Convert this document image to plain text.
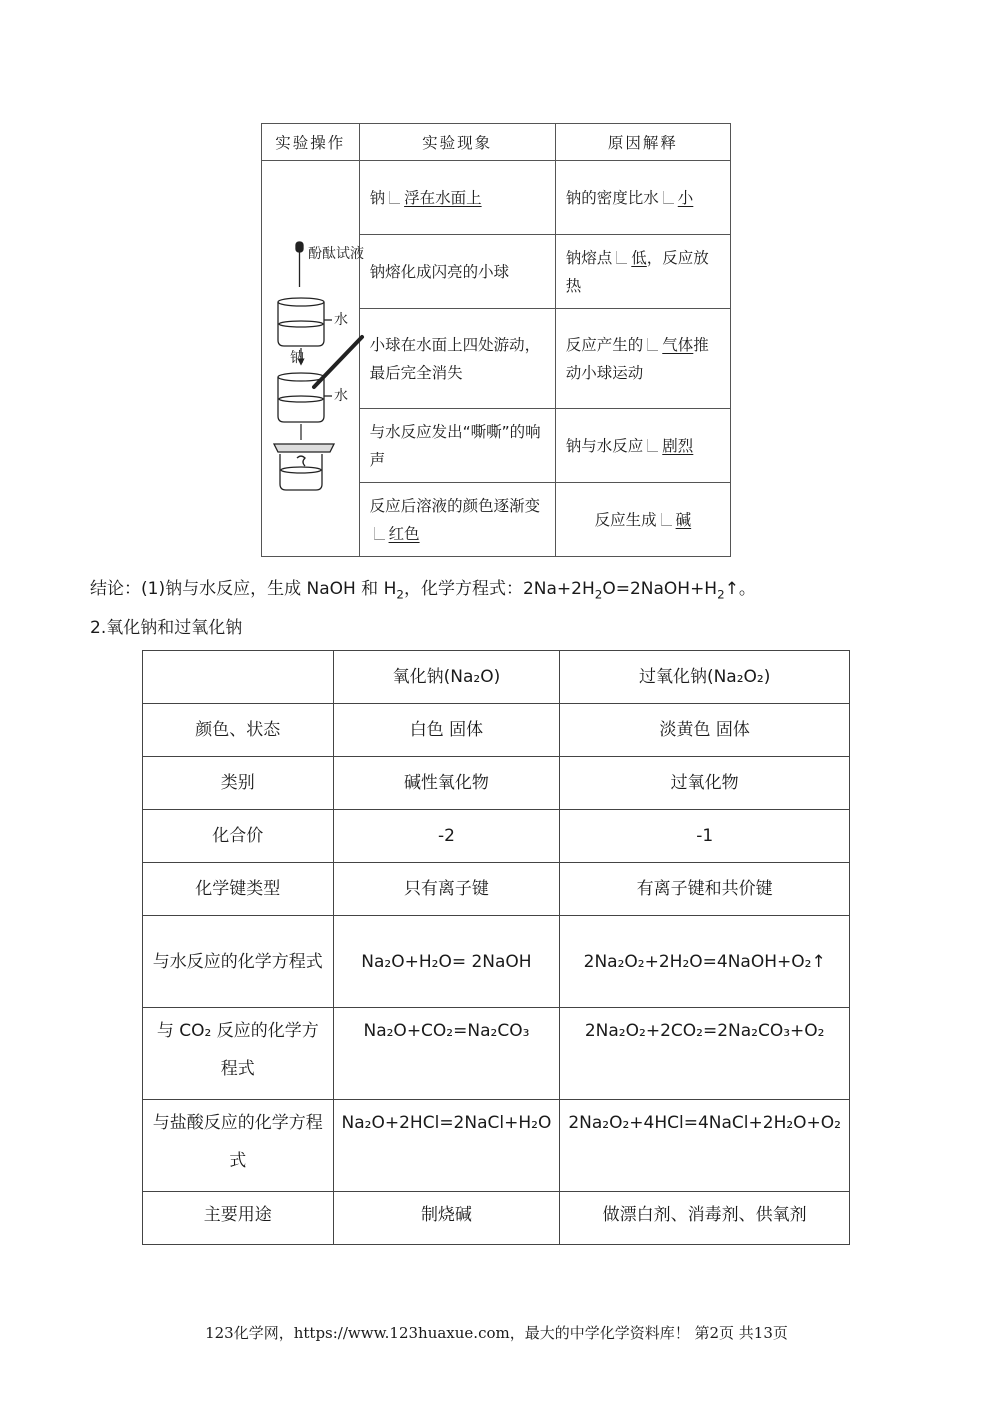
实验操作	实验现象	原因解释

酚酞试液
水
钠
水	钠 浮在水面上	钠的密度比水 小
	钠熔化成闪亮的小球	钠熔点 低，反应放热
	小球在水面上四处游动，最后完全消失	反应产生的 气体推动小球运动
	与水反应发出“嘶嘶”的响声	钠与水反应 剧烈
	反应后溶液的颜色逐渐变红色	反应生成 碱
结论：(1)钠与水反应，生成 NaOH 和 $H_2$，化学方程式：$2Na+2H_2O=2NaOH+H_2↑$。
2.氧化钠和过氧化钠
	氧化钠(Na₂O)	过氧化钠(Na₂O₂)
颜色、状态	白色 固体	淡黄色 固体
类别	碱性氧化物	过氧化物
化合价	-2	-1
化学键类型	只有离子键	有离子键和共价键
与水反应的化学方程式	Na₂O+H₂O= 2NaOH	2Na₂O₂+2H₂O=4NaOH+O₂↑
与 CO₂ 反应的化学方程式	Na₂O+CO₂=Na₂CO₃	2Na₂O₂+2CO₂=2Na₂CO₃+O₂
与盐酸反应的化学方程式	Na₂O+2HCl=2NaCl+H₂O	2Na₂O₂+4HCl=4NaCl+2H₂O+O₂
主要用途	制烧碱	做漂白剂、消毒剂、供氧剂
123化学网，https://www.123huaxue.com，最大的中学化学资料库！ 第2页 共13页
